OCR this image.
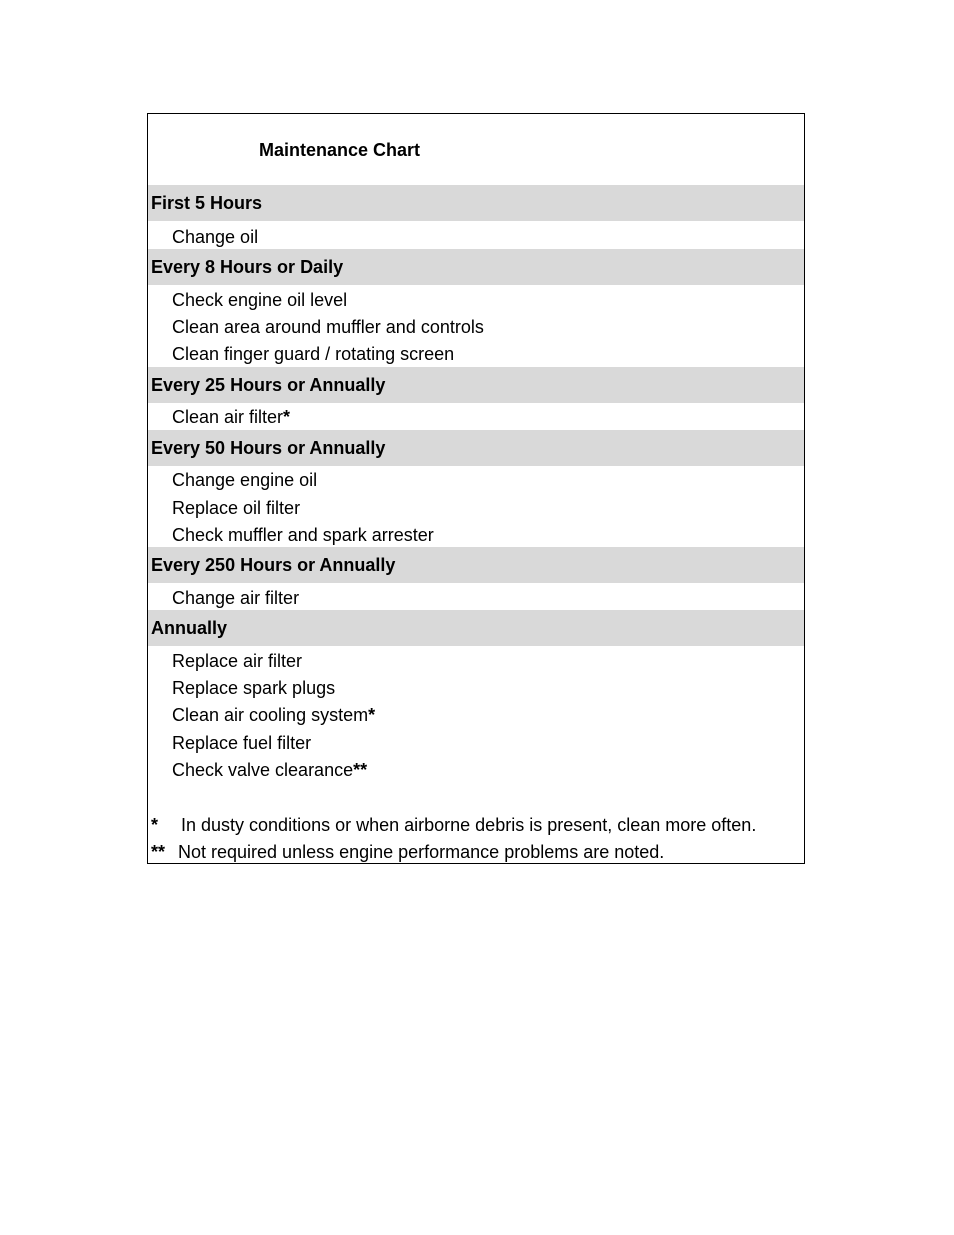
Maintenance Chart
First 5 Hours
Change oil
Every 8 Hours or Daily
Check engine oil level
Clean area around muffler and controls
Clean finger guard / rotating screen
Every 25 Hours or Annually
Clean air filter*
Every 50 Hours or Annually
Change engine oil
Replace oil filter
Check muffler and spark arrester
Every 250 Hours or Annually
Change air filter
Annually
Replace air filter
Replace spark plugs
Clean air cooling system*
Replace fuel filter
Check valve clearance**
* In dusty conditions or when airborne debris is present, clean more often.
** Not required unless engine performance problems are noted.
